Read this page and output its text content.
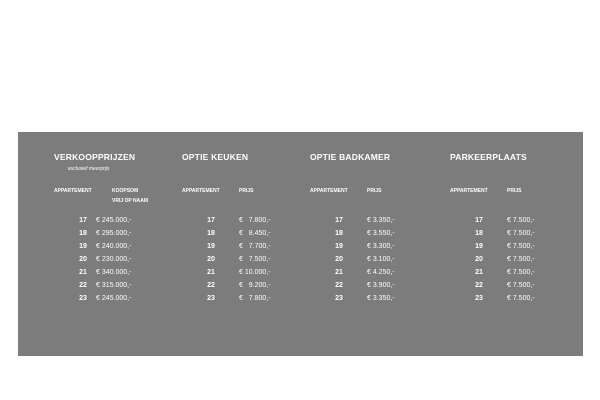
VERKOOPPRIJZEN
exclusief meerprijs
APPARTEMENT	KOOPSOM
VRIJ OP NAAM
17	€ 245.000,-
18	€ 295.000,-
19	€ 240.000,-
20	€ 230.000,-
21	€ 340.000,-
22	€ 315.000,-
23	€ 245.000,-
OPTIE KEUKEN
APPARTEMENT	PRIJS
17	€   7.800,-
18	€   8.450,-
19	€   7.700,-
20	€   7.500,-
21	€ 10.000,-
22	€   9.200,-
23	€   7.800,-
OPTIE BADKAMER
APPARTEMENT	PRIJS
17	€ 3.350,-
18	€ 3.550,-
19	€ 3.300,-
20	€ 3.100,-
21	€ 4.250,-
22	€ 3.900,-
23	€ 3.350,-
PARKEERPLAATS
APPARTEMENT	PRIJS
17	€ 7.500,-
18	€ 7.500,-
19	€ 7.500,-
20	€ 7.500,-
21	€ 7.500,-
22	€ 7.500,-
23	€ 7.500,-
